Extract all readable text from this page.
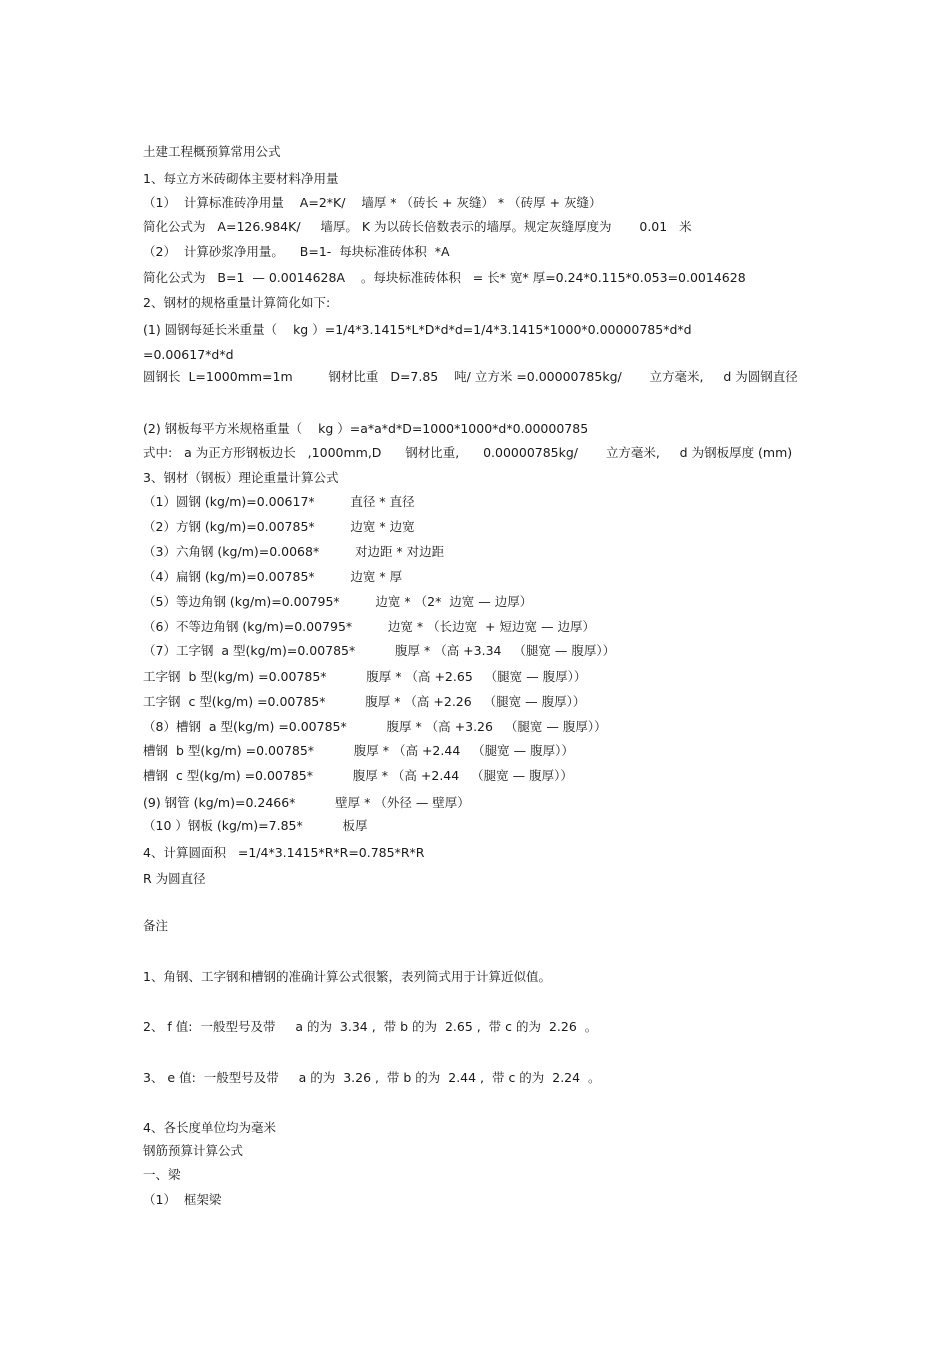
土建工程概预算常用公式

1、每立方米砖砌体主要材料净用量

（1）  计算标准砖净用量    A=2*K/    墙厚 * （砖长 + 灰缝） * （砖厚 + 灰缝）

简化公式为   A=126.984K/     墙厚。 K 为以砖长倍数表示的墙厚。规定灰缝厚度为       0.01   米

（2）  计算砂浆净用量。    B=1-  每块标准砖体积  *A

简化公式为   B=1  — 0.0014628A    。每块标准砖体积   = 长* 宽* 厚=0.24*0.115*0.053=0.0014628

2、钢材的规格重量计算简化如下:

(1) 圆钢每延长米重量（    kg ）=1/4*3.1415*L*D*d*d=1/4*3.1415*1000*0.00000785*d*d

=0.00617*d*d

圆钢长  L=1000mm=1m         钢材比重   D=7.85    吨/ 立方米 =0.00000785kg/       立方毫米,     d 为圆钢直径

(2) 钢板每平方米规格重量（    kg ）=a*a*d*D=1000*1000*d*0.00000785

式中:   a 为正方形钢板边长   ,1000mm,D      钢材比重,      0.00000785kg/       立方毫米,     d 为钢板厚度 (mm)

3、钢材（钢板）理论重量计算公式

（1）圆钢 (kg/m)=0.00617*         直径 * 直径

（2）方钢 (kg/m)=0.00785*         边宽 * 边宽

（3）六角钢 (kg/m)=0.0068*         对边距 * 对边距

（4）扁钢 (kg/m)=0.00785*         边宽 * 厚

（5）等边角钢 (kg/m)=0.00795*         边宽 * （2*  边宽 — 边厚）

（6）不等边角钢 (kg/m)=0.00795*         边宽 * （长边宽  + 短边宽 — 边厚）

（7）工字钢  a 型(kg/m)=0.00785*          腹厚 * （高 +3.34   （腿宽 — 腹厚））

工字钢  b 型(kg/m) =0.00785*          腹厚 * （高 +2.65   （腿宽 — 腹厚））

工字钢  c 型(kg/m) =0.00785*          腹厚 * （高 +2.26   （腿宽 — 腹厚））

（8）槽钢  a 型(kg/m) =0.00785*          腹厚 * （高 +3.26   （腿宽 — 腹厚））

槽钢  b 型(kg/m) =0.00785*          腹厚 * （高 +2.44   （腿宽 — 腹厚））

槽钢  c 型(kg/m) =0.00785*          腹厚 * （高 +2.44   （腿宽 — 腹厚））

(9) 钢管 (kg/m)=0.2466*          壁厚 * （外径 — 壁厚）

（10 ）钢板 (kg/m)=7.85*          板厚

4、计算圆面积   =1/4*3.1415*R*R=0.785*R*R

R 为圆直径

备注

1、角钢、工字钢和槽钢的准确计算公式很繁，表列简式用于计算近似值。

2、 f 值:  一般型号及带     a 的为  3.34 ,  带 b 的为  2.65 ,  带 c 的为  2.26  。

3、 e 值:  一般型号及带     a 的为  3.26 ,  带 b 的为  2.44 ,  带 c 的为  2.24  。

4、各长度单位均为毫米

钢筋预算计算公式

一、梁

（1）  框架梁
